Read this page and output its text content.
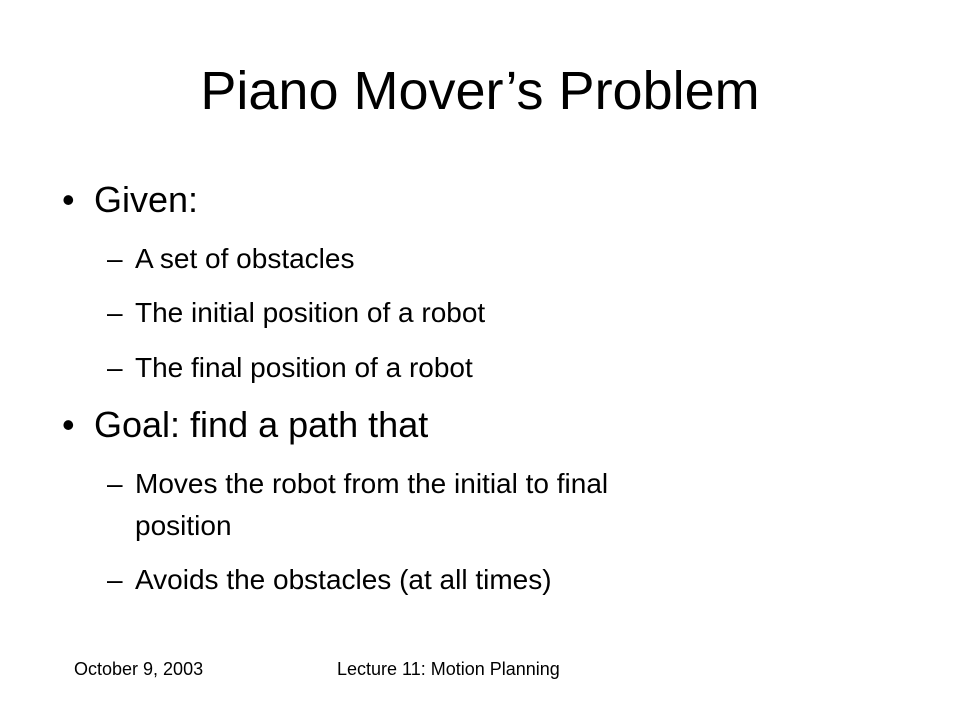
Piano Mover’s Problem
• Given:
– A set of obstacles
– The initial position of a robot
– The final position of a robot
• Goal: find a path that
– Moves the robot from the initial to final
position
– Avoids the obstacles (at all times)
October 9, 2003	Lecture 11: Motion Planning
